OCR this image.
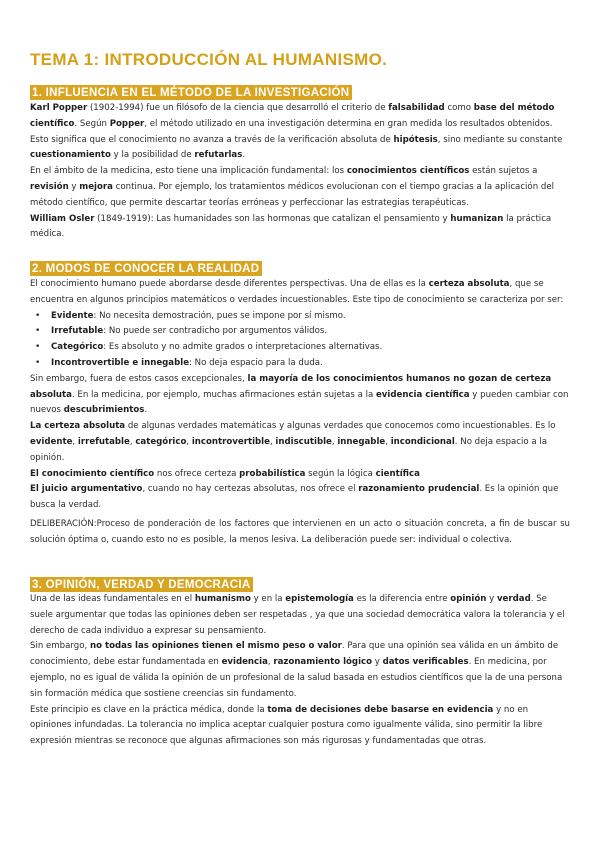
TEMA 1: INTRODUCCIÓN AL HUMANISMO.
1. INFLUENCIA EN EL MÉTODO DE LA INVESTIGACIÓN

Karl Popper (1902-1994) fue un filósofo de la ciencia que desarrolló el criterio de falsabilidad como base del método científico. Según Popper, el método utilizado en una investigación determina en gran medida los resultados obtenidos. Esto significa que el conocimiento no avanza a través de la verificación absoluta de hipótesis, sino mediante su constante cuestionamiento y la posibilidad de refutarlas.

En el ámbito de la medicina, esto tiene una implicación fundamental: los conocimientos científicos están sujetos a revisión y mejora continua. Por ejemplo, los tratamientos médicos evolucionan con el tiempo gracias a la aplicación del método científico, que permite descartar teorías erróneas y perfeccionar las estrategias terapéuticas.

William Osler (1849-1919): Las humanidades son las hormonas que catalizan el pensamiento y humanizan la práctica médica.

2. MODOS DE CONOCER LA REALIDAD

El conocimiento humano puede abordarse desde diferentes perspectivas. Una de ellas es la certeza absoluta, que se encuentra en algunos principios matemáticos o verdades incuestionables. Este tipo de conocimiento se caracteriza por ser:

• Evidente: No necesita demostración, pues se impone por sí mismo.
• Irrefutable: No puede ser contradicho por argumentos válidos.
• Categórico: Es absoluto y no admite grados o interpretaciones alternativas.
• Incontrovertible e innegable: No deja espacio para la duda.

Sin embargo, fuera de estos casos excepcionales, la mayoría de los conocimientos humanos no gozan de certeza absoluta. En la medicina, por ejemplo, muchas afirmaciones están sujetas a la evidencia científica y pueden cambiar con nuevos descubrimientos.

La certeza absoluta de algunas verdades matemáticas y algunas verdades que conocemos como incuestionables. Es lo evidente, irrefutable, categórico, incontrovertible, indiscutible, innegable, incondicional. No deja espacio a la opinión.

El conocimiento científico nos ofrece certeza probabilística según la lógica científica

El juicio argumentativo, cuando no hay certezas absolutas, nos ofrece el razonamiento prudencial. Es la opinión que busca la verdad.

DELIBERACIÓN:Proceso de ponderación de los factores que intervienen en un acto o situación concreta, a fin de buscar su solución óptima o, cuando esto no es posible, la menos lesiva. La deliberación puede ser: individual o colectiva.

3. OPINIÓN, VERDAD Y DEMOCRACIA

Una de las ideas fundamentales en el humanismo y en la epistemología es la diferencia entre opinión y verdad. Se suele argumentar que todas las opiniones deben ser respetadas , ya que una sociedad democrática valora la tolerancia y el derecho de cada individuo a expresar su pensamiento.

Sin embargo, no todas las opiniones tienen el mismo peso o valor. Para que una opinión sea válida en un ámbito de conocimiento, debe estar fundamentada en evidencia, razonamiento lógico y datos verificables. En medicina, por ejemplo, no es igual de válida la opinión de un profesional de la salud basada en estudios científicos que la de una persona sin formación médica que sostiene creencias sin fundamento.

Este principio es clave en la práctica médica, donde la toma de decisiones debe basarse en evidencia y no en opiniones infundadas. La tolerancia no implica aceptar cualquier postura como igualmente válida, sino permitir la libre expresión mientras se reconoce que algunas afirmaciones son más rigurosas y fundamentadas que otras.
